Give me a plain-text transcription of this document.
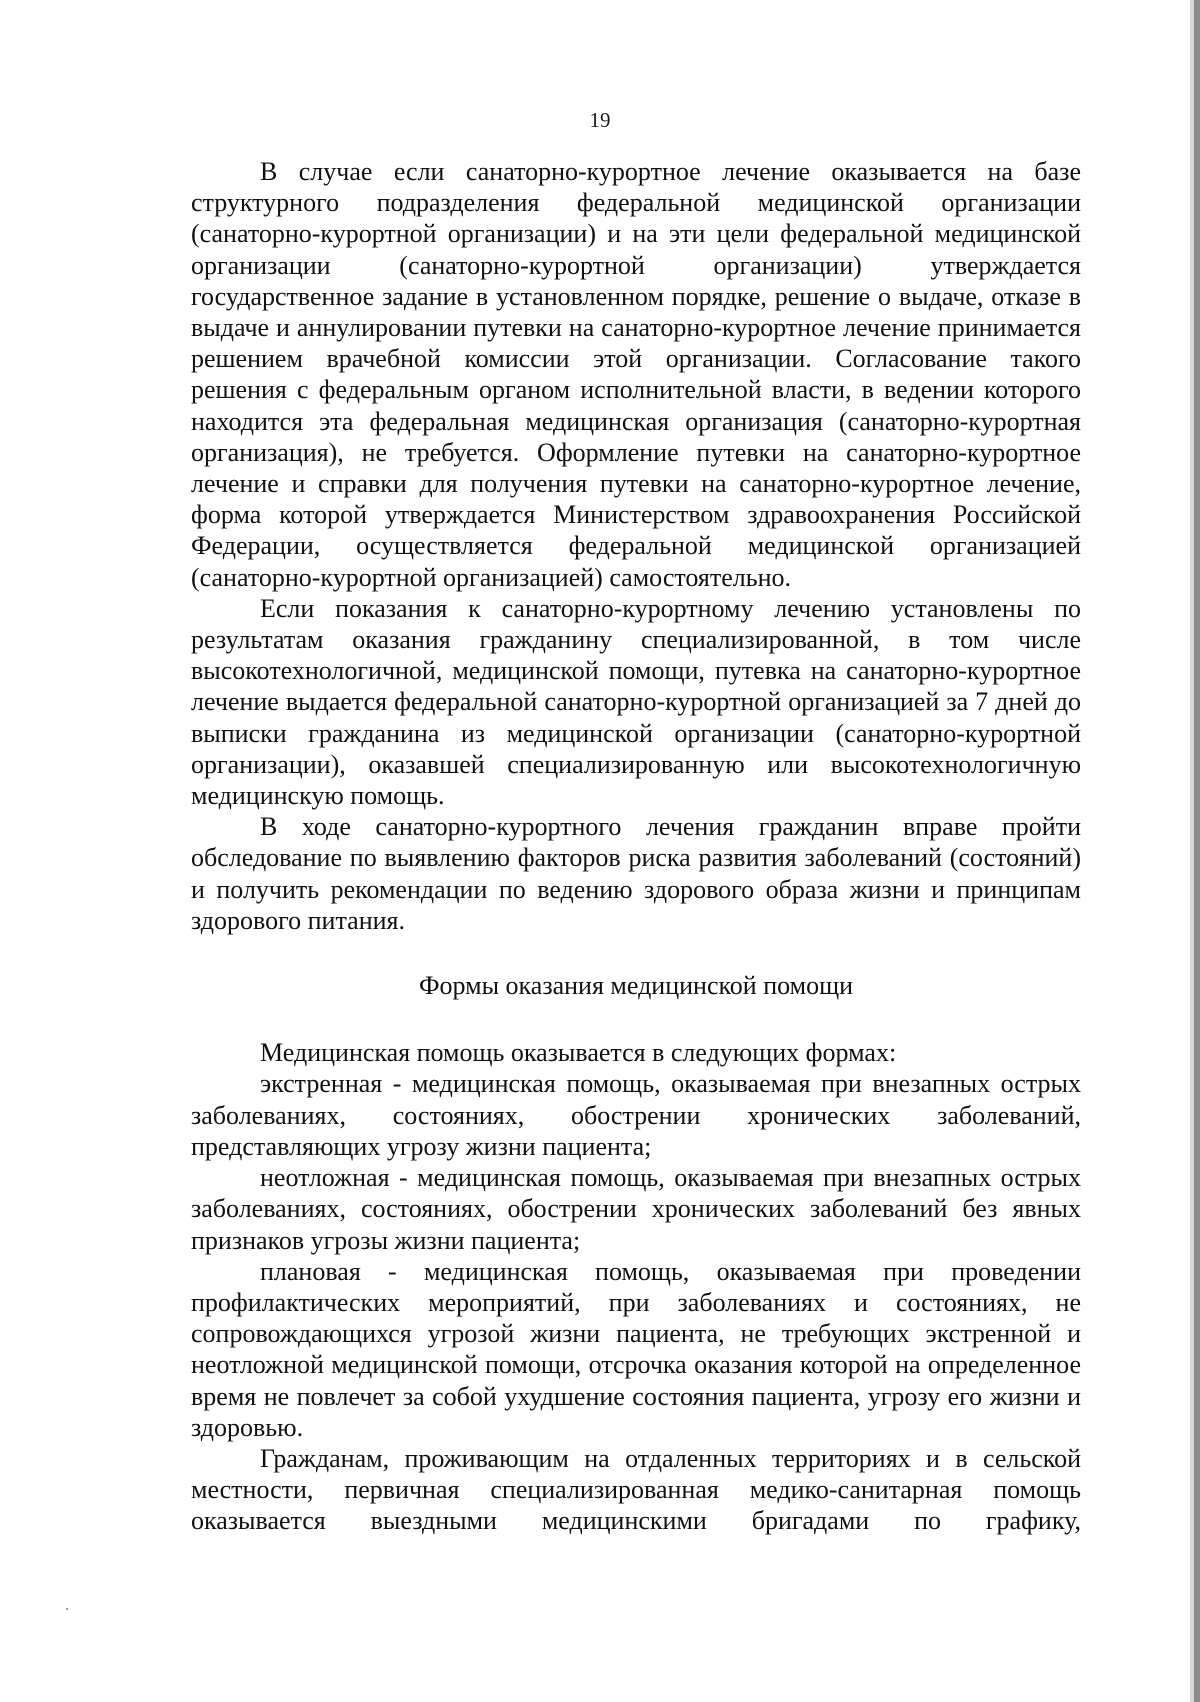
19

В случае если санаторно-курортное лечение оказывается на базе структурного подразделения федеральной медицинской организации (санаторно-курортной организации) и на эти цели федеральной медицинской организации (санаторно-курортной организации) утверждается государственное задание в установленном порядке, решение о выдаче, отказе в выдаче и аннулировании путевки на санаторно-курортное лечение принимается решением врачебной комиссии этой организации. Согласование такого решения с федеральным органом исполнительной власти, в ведении которого находится эта федеральная медицинская организация (санаторно-курортная организация), не требуется. Оформление путевки на санаторно-курортное лечение и справки для получения путевки на санаторно-курортное лечение, форма которой утверждается Министерством здравоохранения Российской Федерации, осуществляется федеральной медицинской организацией (санаторно-курортной организацией) самостоятельно.

Если показания к санаторно-курортному лечению установлены по результатам оказания гражданину специализированной, в том числе высокотехнологичной, медицинской помощи, путевка на санаторно-курортное лечение выдается федеральной санаторно-курортной организацией за 7 дней до выписки гражданина из медицинской организации (санаторно-курортной организации), оказавшей специализированную или высокотехнологичную медицинскую помощь.

В ходе санаторно-курортного лечения гражданин вправе пройти обследование по выявлению факторов риска развития заболеваний (состояний) и получить рекомендации по ведению здорового образа жизни и принципам здорового питания.

Формы оказания медицинской помощи

Медицинская помощь оказывается в следующих формах:

экстренная - медицинская помощь, оказываемая при внезапных острых заболеваниях, состояниях, обострении хронических заболеваний, представляющих угрозу жизни пациента;

неотложная - медицинская помощь, оказываемая при внезапных острых заболеваниях, состояниях, обострении хронических заболеваний без явных признаков угрозы жизни пациента;

плановая - медицинская помощь, оказываемая при проведении профилактических мероприятий, при заболеваниях и состояниях, не сопровождающихся угрозой жизни пациента, не требующих экстренной и неотложной медицинской помощи, отсрочка оказания которой на определенное время не повлечет за собой ухудшение состояния пациента, угрозу его жизни и здоровью.

Гражданам, проживающим на отдаленных территориях и в сельской местности, первичная специализированная медико-санитарная помощь оказывается выездными медицинскими бригадами по графику,
